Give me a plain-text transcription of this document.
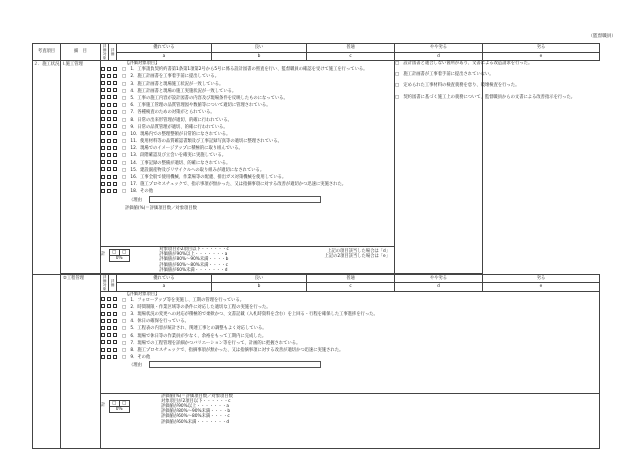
（監督職員）
考査項目	細　目	評価対象	評価	優れている	良い	普通	やや劣る	劣る
a	b	c	d	e
２．施工状況	Ⅰ.施工管理	【評価対象項目】
□　1．工事請負契約約書第1条第1項第2号から5号に係る設計図書の照査を行い、監督職員の確認を受けて施工を行っている。
□　2．施工計画書を工事着手前に提出している。
□　3．施工計画書と現場施工状況が一致している。
□　4．施工計画書と現場の施工実施状況が一致している。
□　5．工事の施工内容が設計図書の内容及び現場条件を反映したものになっている。
□　6．工事施工管理の品質管理図や数値等について適切に管理されている。
□　7．各種検査のための対策がとられている。
□　8．日常の出来形管理が適切、的確に行われている。
□　9．日常の品質管理が適切、的確に行われている。
□　10．現場内での整理整頓が日常的になされている。
□　11．使用材料等の品質確認書類及び工事記録写真等の適切に整理されている。
□　12．現場でのイメージアップに積極的に取り組んでいる。
□　13．段階確認及び立会いを確実に実施している。
□　14．工事記録の整備が適切、的確になされている。
□　15．建設副産物及びリサイクルへの取り組みが適切になされている。
□　16．工事全般で使用機械、作業場等の配慮、排出ガス対策機械を使用している。
□　17．施工プロセスチェックで、指示事項が無かった、又は指摘事項に対する改善が適切かつ迅速に実施された。
□　18．その他
（理由
評価値(%)＝評価項目数／対象項目数

□　設計図書と適合しない箇所があり、文書による改造請求を行った。
□　施工計画書が工事着手前に提出されていない。
□　定められた工事材料の検査義務を怠り、破壊検査を行った。
□　契約図書に基づく施工上の義務について、監督職員からの文書による改善指示を行った。

計 □	□
0%
対象項目が2項目以下・・・・・・c
評価値が90%以上・・・・・・・a
評価値が80%～90%未満・・・・b
評価値が60%～80%未満・・・・c
評価値が60%未満・・・・・・・d
上記の項目該当した場合は「d」
上記の2項目該当した場合は「e」

	②工程管理	評価対象	評価	優れている	良い	普通	やや劣る	劣る
a	b	c	d	e

【評価対象項目】
□　1．フォローアップ等を実施し、工期の管理を行っている。
□　2．時間制限・作業区域等の条件に対応した適切な工程の実施を行った。
□　3．現場状況の変更への対応が積極的で柔軟かつ、文書記載（入札時資料を含む）を上回る・行程を確保した工事進捗を行った。
□　4．休日の確保を行っている。
□　5．工程表の内容が統計され、関連工事との調整もよく対応している。
□　6．現場で休日等の作業員が少なく、余裕をもって工期内に完成した。
□　7．現場での工程管理を詳細かつバリエーション等を行って、計画的に把握されている。
□　8．施工プロセスチェックで、指摘事項が無かった、又は指摘事項に対する改善が適切かつ迅速に実施された。
□　9．その他
（理由

計 □	□
0%
評価値(%)＝評価項目数／対象項目数
対象項目が2項目以下・・・・・・c
評価値が90%以上・・・・・・・a
評価値が80%～90%未満・・・・b
評価値が60%～80%未満・・・・c
評価値が60%未満・・・・・・・d
